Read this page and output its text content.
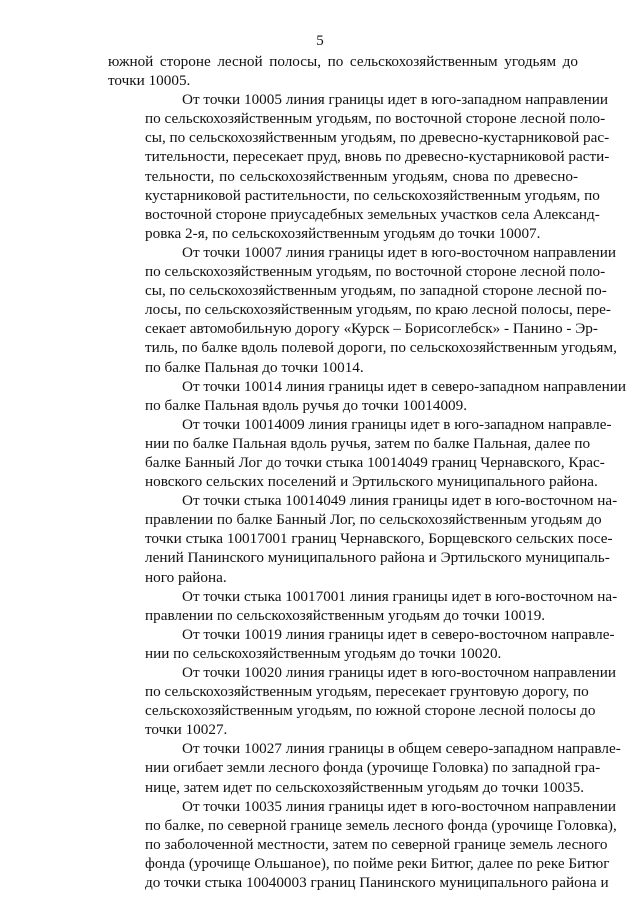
5
южной стороне лесной полосы, по сельскохозяйственным угодьям до
точки 10005.
От точки 10005 линия границы идет в юго-западном направлении
по сельскохозяйственным угодьям, по восточной стороне лесной поло-
сы, по сельскохозяйственным угодьям, по древесно-кустарниковой рас-
тительности, пересекает пруд, вновь по древесно-кустарниковой расти-
тельности, по сельскохозяйственным угодьям, снова по древесно-
кустарниковой растительности, по сельскохозяйственным угодьям, по
восточной стороне приусадебных земельных участков села Александ-
ровка 2-я, по сельскохозяйственным угодьям до точки 10007.
От точки 10007 линия границы идет в юго-восточном направлении
по сельскохозяйственным угодьям, по восточной стороне лесной поло-
сы, по сельскохозяйственным угодьям, по западной стороне лесной по-
лосы, по сельскохозяйственным угодьям, по краю лесной полосы, пере-
секает автомобильную дорогу «Курск – Борисоглебск» - Панино - Эр-
тиль, по балке вдоль полевой дороги, по сельскохозяйственным угодьям,
по балке Пальная до точки 10014.
От точки 10014 линия границы идет в северо-западном направлении
по балке Пальная вдоль ручья до точки 10014009.
От точки 10014009 линия границы идет в юго-западном направле-
нии по балке Пальная вдоль ручья, затем по балке Пальная, далее по
балке Банный Лог до точки стыка 10014049 границ Чернавского, Крас-
новского сельских поселений и Эртильского муниципального района.
От точки стыка 10014049 линия границы идет в юго-восточном на-
правлении по балке Банный Лог, по сельскохозяйственным угодьям до
точки стыка 10017001 границ Чернавского, Борщевского сельских посе-
лений Панинского муниципального района и Эртильского муниципаль-
ного района.
От точки стыка 10017001 линия границы идет в юго-восточном на-
правлении по сельскохозяйственным угодьям до точки 10019.
От точки 10019 линия границы идет в северо-восточном направле-
нии по сельскохозяйственным угодьям до точки 10020.
От точки 10020 линия границы идет в юго-восточном направлении
по сельскохозяйственным угодьям, пересекает грунтовую дорогу, по
сельскохозяйственным угодьям, по южной стороне лесной полосы до
точки 10027.
От точки 10027 линия границы в общем северо-западном направле-
нии огибает земли лесного фонда (урочище Головка) по западной гра-
нице, затем идет по сельскохозяйственным угодьям до точки 10035.
От точки 10035 линия границы идет в юго-восточном направлении
по балке, по северной границе земель лесного фонда (урочище Головка),
по заболоченной местности, затем по северной границе земель лесного
фонда (урочище Ольшаное), по пойме реки Битюг, далее по реке Битюг
до точки стыка 10040003 границ Панинского муниципального района и
